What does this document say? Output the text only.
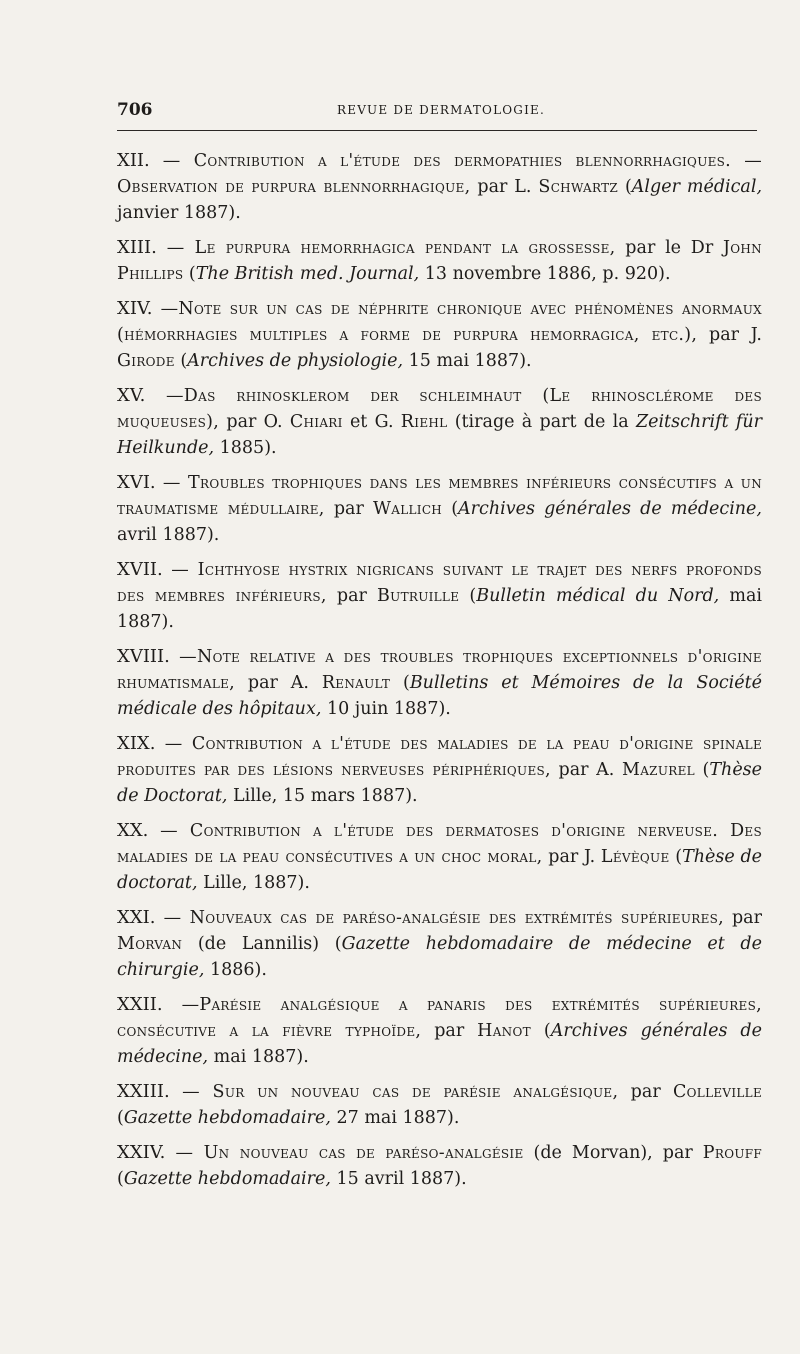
706	REVUE DE DERMATOLOGIE.
XII. — Contribution a l'étude des dermopathies blennorrhagiques. — Observation de purpura blennorrhagique, par L. Schwartz (Alger médical, janvier 1887).
XIII. — Le purpura hemorrhagica pendant la grossesse, par le Dr John Phillips (The British med. Journal, 13 novembre 1886, p. 920).
XIV. —Note sur un cas de néphrite chronique avec phénomènes anormaux (hémorrhagies multiples a forme de purpura hemorragica, etc.), par J. Girode (Archives de physiologie, 15 mai 1887).
XV. —Das rhinosklerom der schleimhaut (Le rhinosclérome des muqueuses), par O. Chiari et G. Riehl (tirage à part de la Zeitschrift für Heilkunde, 1885).
XVI. — Troubles trophiques dans les membres inférieurs consécutifs a un traumatisme médullaire, par Wallich (Archives générales de médecine, avril 1887).
XVII. — Ichthyose hystrix nigricans suivant le trajet des nerfs profonds des membres inférieurs, par Butruille (Bulletin médical du Nord, mai 1887).
XVIII. —Note relative a des troubles trophiques exceptionnels d'origine rhumatismale, par A. Renault (Bulletins et Mémoires de la Société médicale des hôpitaux, 10 juin 1887).
XIX. — Contribution a l'étude des maladies de la peau d'origine spinale produites par des lésions nerveuses périphériques, par A. Mazurel (Thèse de Doctorat, Lille, 15 mars 1887).
XX. — Contribution a l'étude des dermatoses d'origine nerveuse. Des maladies de la peau consécutives a un choc moral, par J. Lévèque (Thèse de doctorat, Lille, 1887).
XXI. — Nouveaux cas de paréso-analgésie des extrémités supérieures, par Morvan (de Lannilis) (Gazette hebdomadaire de médecine et de chirurgie, 1886).
XXII. —Parésie analgésique a panaris des extrémités supérieures, consécutive a la fièvre typhoïde, par Hanot (Archives générales de médecine, mai 1887).
XXIII. — Sur un nouveau cas de parésie analgésique, par Colleville (Gazette hebdomadaire, 27 mai 1887).
XXIV. — Un nouveau cas de paréso-analgésie (de Morvan), par Prouff (Gazette hebdomadaire, 15 avril 1887).
